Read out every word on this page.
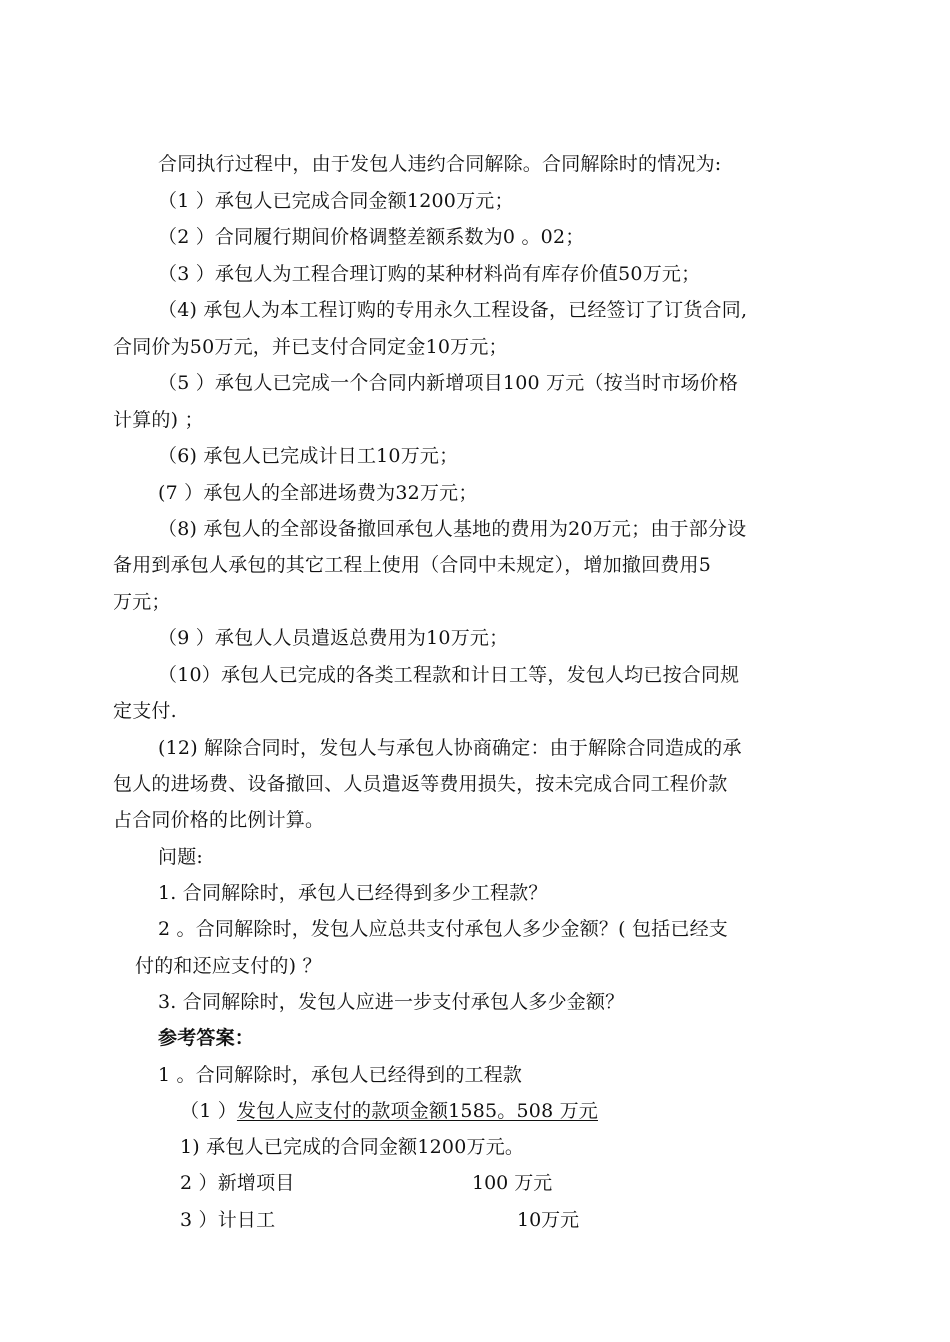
合同执行过程中，由于发包人违约合同解除。合同解除时的情况为:
（1 ）承包人已完成合同金额1200万元；
（2 ）合同履行期间价格调整差额系数为0 。02；
（3 ）承包人为工程合理订购的某种材料尚有库存价值50万元；
（4) 承包人为本工程订购的专用永久工程设备，已经签订了订货合同,
合同价为50万元，并已支付合同定金10万元；
（5 ）承包人已完成一个合同内新增项目100 万元（按当时市场价格
计算的) ；
（6) 承包人已完成计日工10万元；
(7 ）承包人的全部进场费为32万元；
（8) 承包人的全部设备撤回承包人基地的费用为20万元；由于部分设
备用到承包人承包的其它工程上使用（合同中未规定），增加撤回费用5
万元；
（9 ）承包人人员遣返总费用为10万元；
（10）承包人已完成的各类工程款和计日工等，发包人均已按合同规
定支付.
(12) 解除合同时，发包人与承包人协商确定：由于解除合同造成的承
包人的进场费、设备撤回、人员遣返等费用损失，按未完成合同工程价款
占合同价格的比例计算。
问题:
1. 合同解除时，承包人已经得到多少工程款？
2 。合同解除时，发包人应总共支付承包人多少金额？( 包括已经支
付的和还应支付的) ？
3. 合同解除时，发包人应进一步支付承包人多少金额？
参考答案：
1 。合同解除时，承包人已经得到的工程款
（1 ）发包人应支付的款项金额1585。508 万元
1) 承包人已完成的合同金额1200万元。
2 ）新增项目	100 万元
3 ）计日工	10万元
